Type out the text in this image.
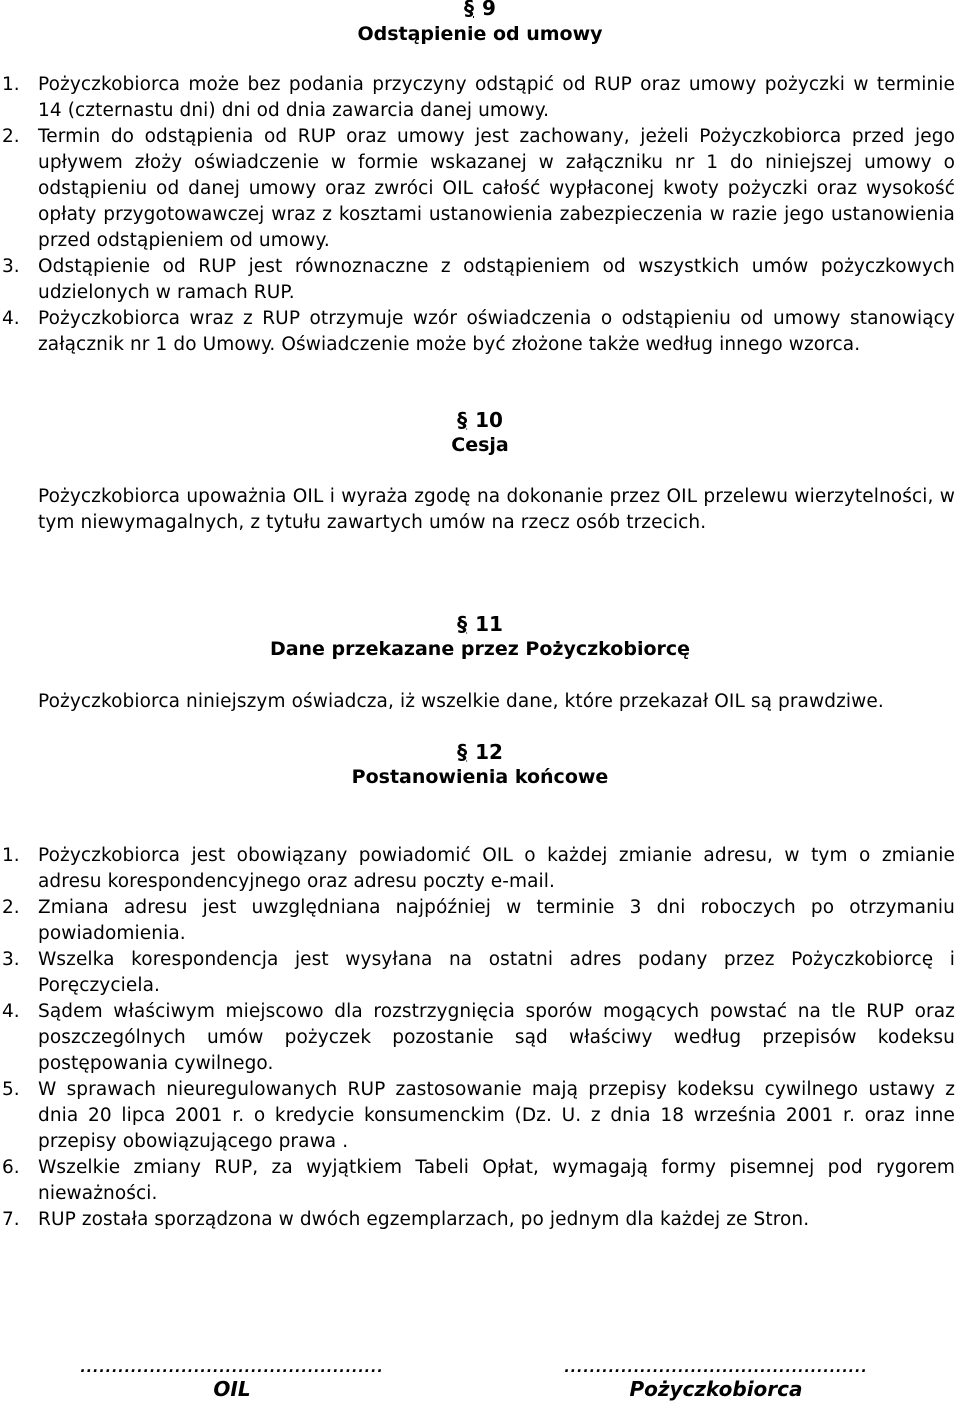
§ 9
Odstąpienie od umowy
1. Pożyczkobiorca może bez podania przyczyny odstąpić od RUP oraz umowy pożyczki w terminie 14 (czternastu dni) dni od dnia zawarcia danej umowy.
2. Termin do odstąpienia od RUP oraz umowy jest zachowany, jeżeli Pożyczkobiorca przed jego upływem złoży oświadczenie w formie wskazanej w załączniku nr 1 do niniejszej umowy o odstąpieniu od danej umowy oraz zwróci OIL całość wypłaconej kwoty pożyczki oraz wysokość opłaty przygotowawczej wraz z kosztami ustanowienia zabezpieczenia w razie jego ustanowienia przed odstąpieniem od umowy.
3. Odstąpienie od RUP jest równoznaczne z odstąpieniem od wszystkich umów pożyczkowych udzielonych w ramach RUP.
4. Pożyczkobiorca wraz z RUP otrzymuje wzór oświadczenia o odstąpieniu od umowy stanowiący załącznik nr 1 do Umowy. Oświadczenie może być złożone także według innego wzorca.
§ 10
Cesja
Pożyczkobiorca upoważnia OIL i wyraża zgodę na dokonanie przez OIL przelewu wierzytelności, w tym niewymagalnych, z tytułu zawartych umów na rzecz osób trzecich.
§ 11
Dane przekazane przez Pożyczkobiorcę
Pożyczkobiorca niniejszym oświadcza, iż wszelkie dane, które przekazał OIL są prawdziwe.
§ 12
Postanowienia końcowe
1. Pożyczkobiorca jest obowiązany powiadomić OIL o każdej zmianie adresu, w tym o zmianie adresu korespondencyjnego oraz adresu poczty e-mail.
2. Zmiana adresu jest uwzględniana najpóźniej w terminie 3 dni roboczych po otrzymaniu powiadomienia.
3. Wszelka korespondencja jest wysyłana na ostatni adres podany przez Pożyczkobiorcę i Poręczyciela.
4. Sądem właściwym miejscowo dla rozstrzygnięcia sporów mogących powstać na tle RUP oraz poszczególnych umów pożyczek pozostanie sąd właściwy według przepisów kodeksu postępowania cywilnego.
5. W sprawach nieuregulowanych RUP zastosowanie mają przepisy kodeksu cywilnego ustawy z dnia 20 lipca 2001 r. o kredycie konsumenckim (Dz. U. z dnia 18 września 2001 r. oraz inne przepisy obowiązującego prawa .
6. Wszelkie zmiany RUP, za wyjątkiem Tabeli Opłat, wymagają formy pisemnej pod rygorem nieważności.
7. RUP została sporządzona w dwóch egzemplarzach, po jednym dla każdej ze Stron.
................................................
OIL
................................................
Pożyczkobiorca
